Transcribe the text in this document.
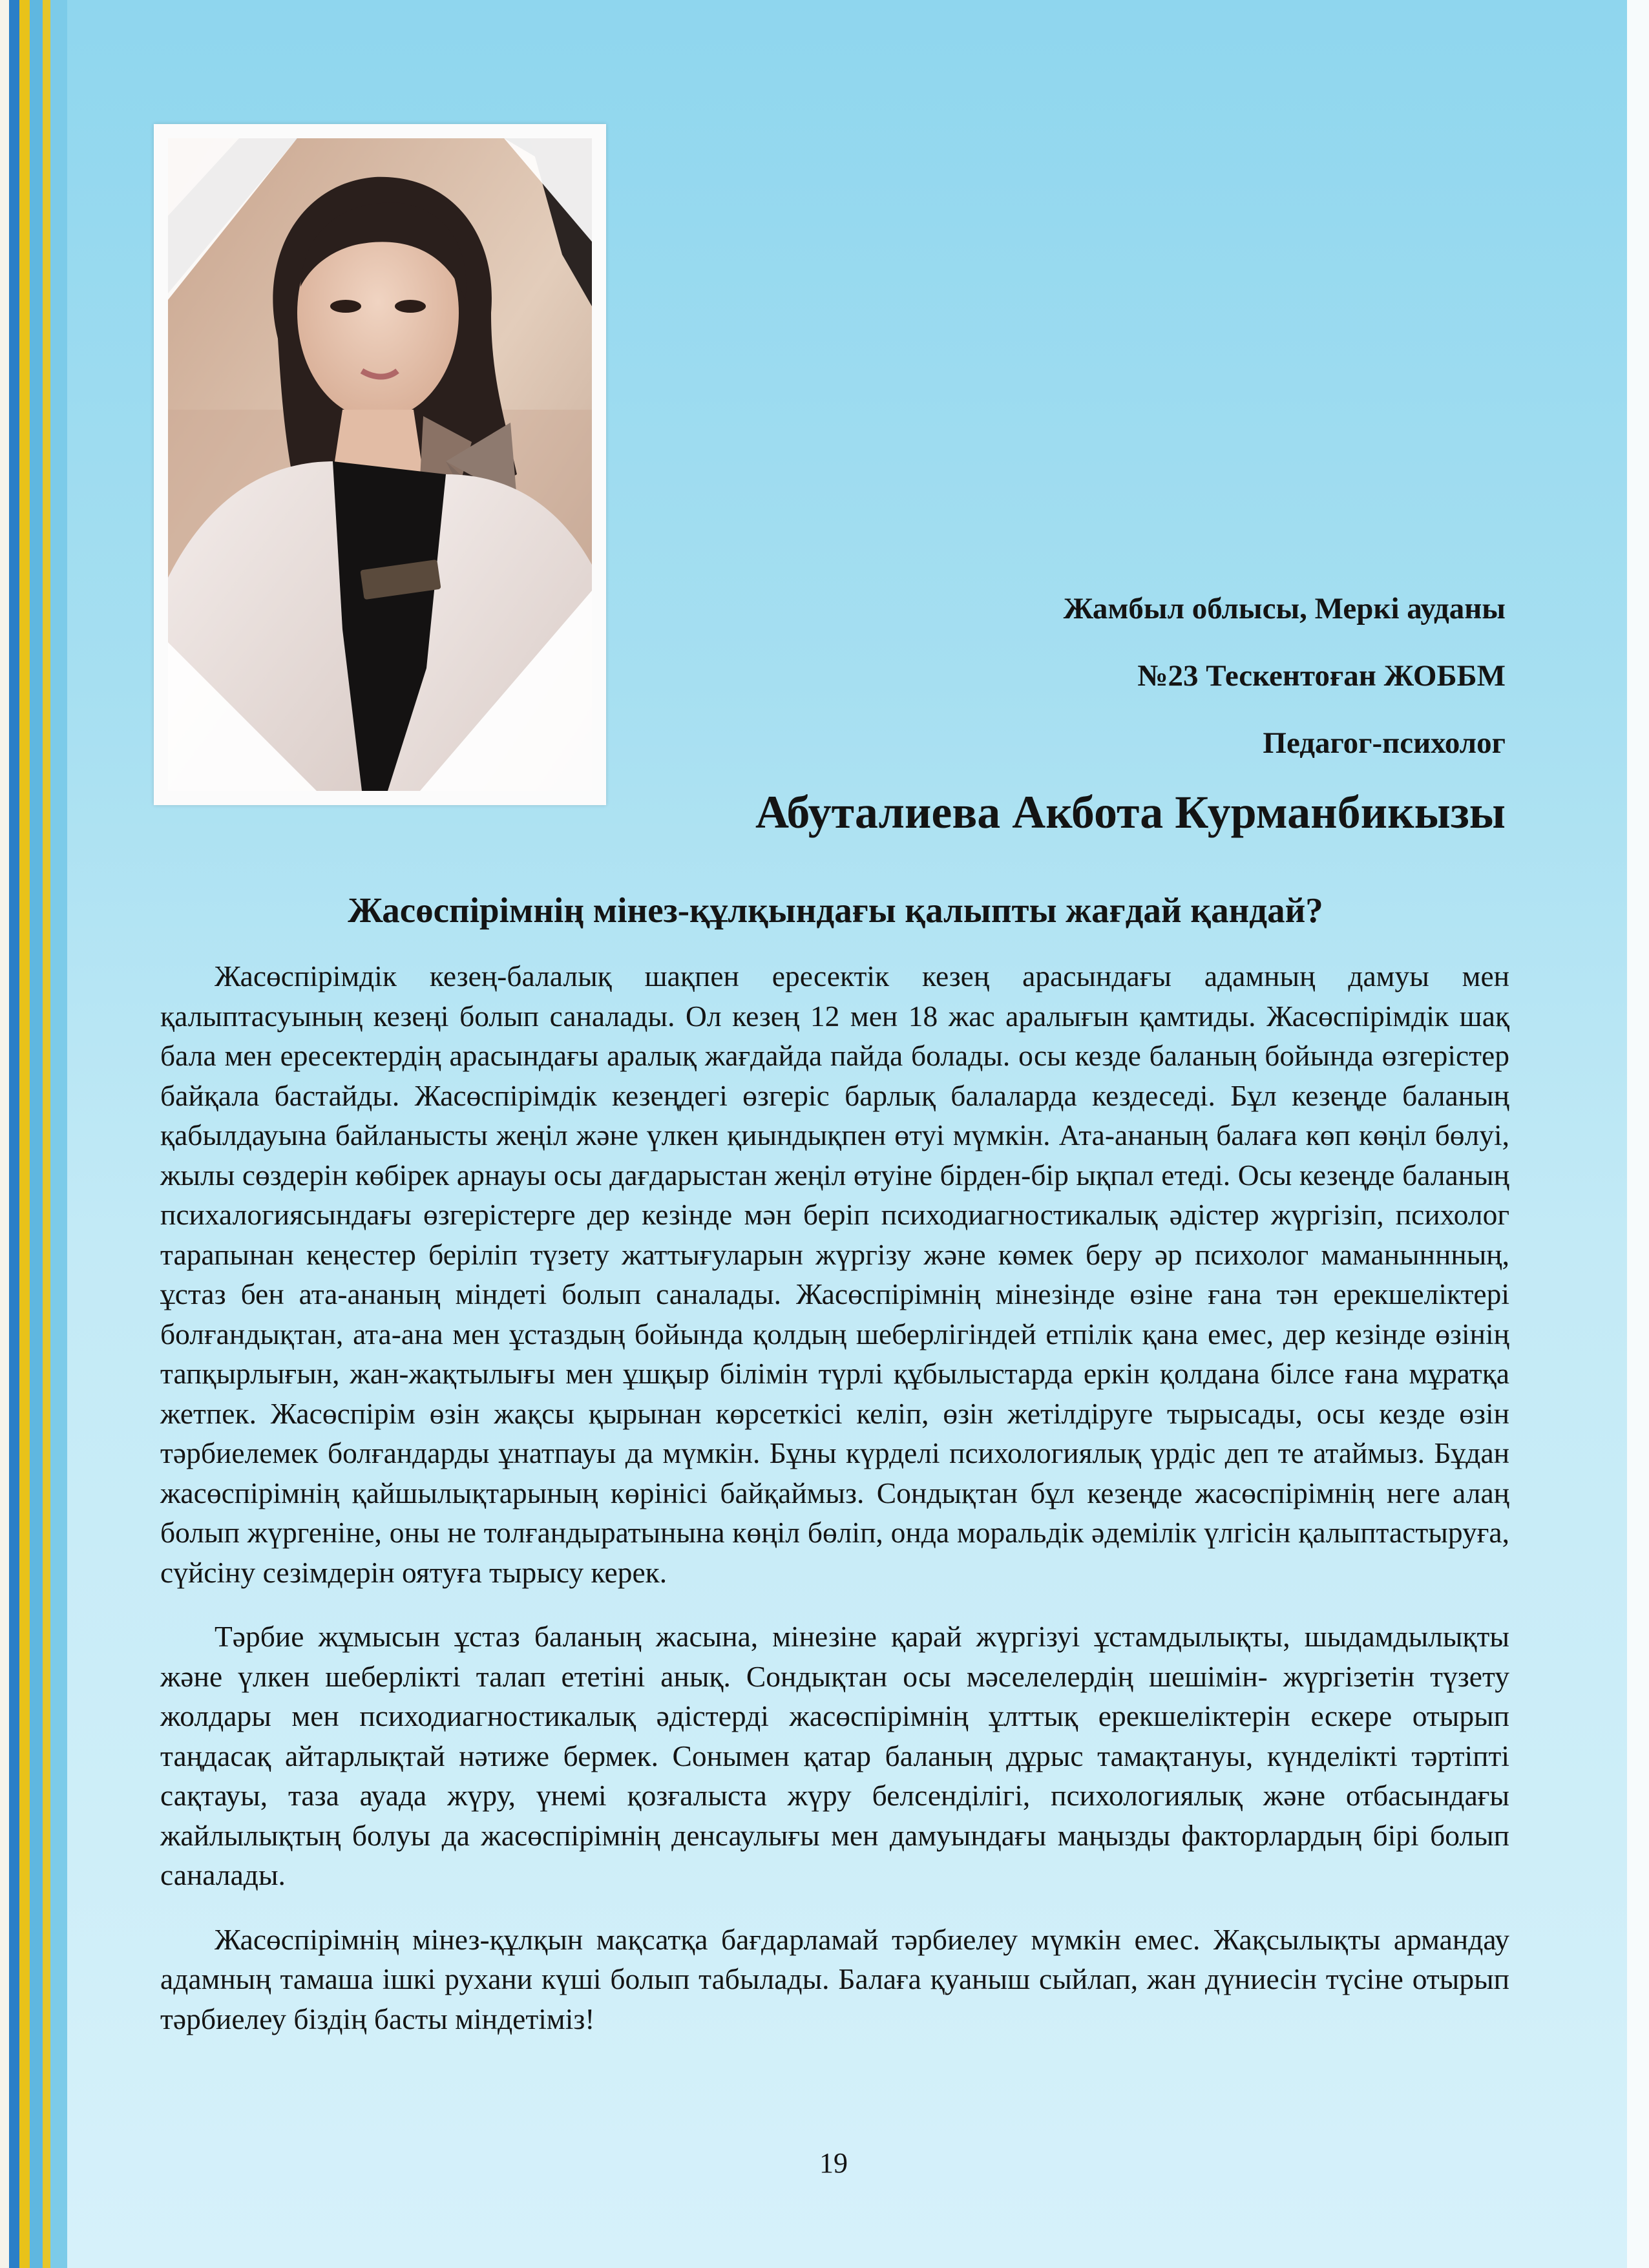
Жамбыл облысы, Меркі ауданы
№23 Тескентоған ЖОББМ
Педагог-психолог
Абуталиева Акбота Курманбикызы
Жасөспірімнің мінез-құлқындағы қалыпты жағдай қандай?

Жасөспірімдік кезең-балалық шақпен ересектік кезең арасындағы адамның дамуы мен қалыптасуының кезеңі болып саналады. Ол кезең 12 мен 18 жас аралығын қамтиды. Жасөспірімдік шақ бала мен ересектердің арасындағы аралық жағдайда пайда болады. осы кезде баланың бойында өзгерістер байқала бастайды. Жасөспірімдік кезеңдегі өзгеріс барлық балаларда кездеседі. Бұл кезеңде баланың қабылдауына байланысты жеңіл және үлкен қиындықпен өтуі мүмкін. Ата-ананың балаға көп көңіл бөлуі, жылы сөздерін көбірек арнауы осы дағдарыстан жеңіл өтуіне бірден-бір ықпал етеді. Осы кезеңде баланың психалогиясындағы өзгерістерге дер кезінде мән беріп психодиагностикалық әдістер жүргізіп, психолог тарапынан кеңестер беріліп түзету жаттығуларын жүргізу және көмек беру әр психолог маманыннның, ұстаз бен ата-ананың міндеті болып саналады. Жасөспірімнің мінезінде өзіне ғана тән ерекшеліктері болғандықтан, ата-ана мен ұстаздың бойында қолдың шеберлігіндей етпілік қана емес, дер кезінде өзінің тапқырлығын, жан-жақтылығы мен ұшқыр білімін түрлі құбылыстарда еркін қолдана білсе ғана мұратқа жетпек. Жасөспірім өзін жақсы қырынан көрсеткісі келіп, өзін жетілдіруге тырысады, осы кезде өзін тәрбиелемек болғандарды ұнатпауы да мүмкін. Бұны күрделі психологиялық үрдіс деп те атаймыз. Бұдан жасөспірімнің қайшылықтарының көрінісі байқаймыз. Сондықтан бұл кезеңде жасөспірімнің неге алаң болып жүргеніне, оны не толғандыратынына көңіл бөліп, онда моральдік әдемілік үлгісін қалыптастыруға, сүйсіну сезімдерін оятуға тырысу керек.

Тәрбие жұмысын ұстаз баланың жасына, мінезіне қарай жүргізуі ұстамдылықты, шыдамдылықты және үлкен шеберлікті талап ететіні анық. Сондықтан осы мәселелердің шешімін- жүргізетін түзету жолдары мен психодиагностикалық әдістерді жасөспірімнің ұлттық ерекшеліктерін ескере отырып таңдасақ айтарлықтай нәтиже бермек. Сонымен қатар баланың дұрыс тамақтануы, күнделікті тәртіпті сақтауы, таза ауада жүру, үнемі қозғалыста жүру белсенділігі, психологиялық және отбасындағы жайлылықтың болуы да жасөспірімнің денсаулығы мен дамуындағы маңызды факторлардың бірі болып саналады.

Жасөспірімнің мінез-құлқын мақсатқа бағдарламай тәрбиелеу мүмкін емес. Жақсылықты армандау адамның тамаша ішкі рухани күші болып табылады. Балаға қуаныш сыйлап, жан дүниесін түсіне отырып тәрбиелеу біздің басты міндетіміз!

19
